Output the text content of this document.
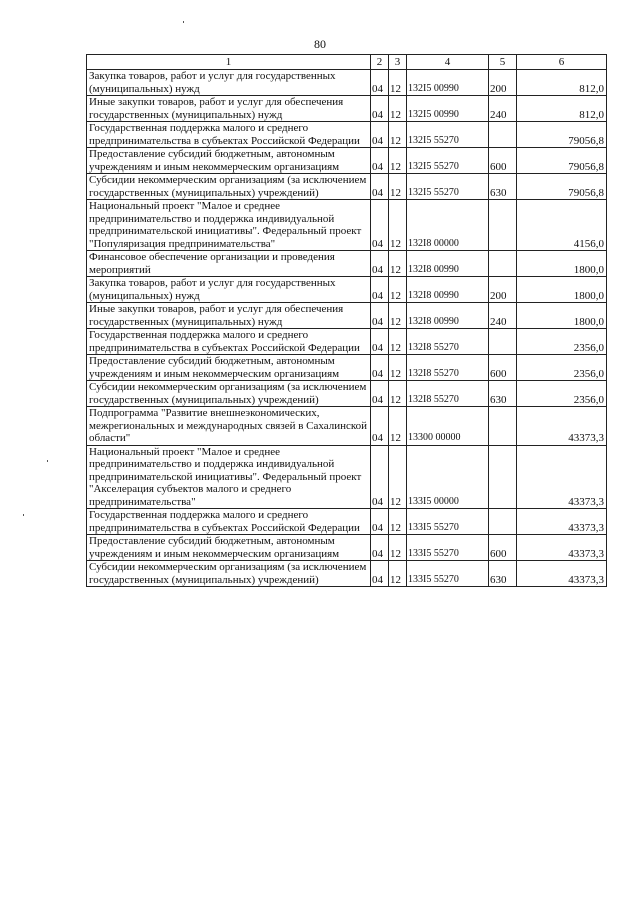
80
1	2	3	4	5	6
Закупка товаров, работ и услуг для государственных (муниципальных) нужд	04	12	132I5 00990	200	812,0
Иные закупки товаров, работ и услуг для обеспечения государственных (муниципальных) нужд	04	12	132I5 00990	240	812,0
Государственная поддержка малого и среднего предпринимательства в субъектах Российской Федерации	04	12	132I5 55270		79056,8
Предоставление субсидий бюджетным, автономным учреждениям и иным некоммерческим организациям	04	12	132I5 55270	600	79056,8
Субсидии некоммерческим организациям (за исключением государственных (муниципальных) учреждений)	04	12	132I5 55270	630	79056,8
Национальный проект "Малое и среднее предпринимательство и поддержка индивидуальной предпринимательской инициативы". Федеральный проект "Популяризация предпринимательства"	04	12	132I8 00000		4156,0
Финансовое обеспечение организации и проведения мероприятий	04	12	132I8 00990		1800,0
Закупка товаров, работ и услуг для государственных (муниципальных) нужд	04	12	132I8 00990	200	1800,0
Иные закупки товаров, работ и услуг для обеспечения государственных (муниципальных) нужд	04	12	132I8 00990	240	1800,0
Государственная поддержка малого и среднего предпринимательства в субъектах Российской Федерации	04	12	132I8 55270		2356,0
Предоставление субсидий бюджетным, автономным учреждениям и иным некоммерческим организациям	04	12	132I8 55270	600	2356,0
Субсидии некоммерческим организациям (за исключением государственных (муниципальных) учреждений)	04	12	132I8 55270	630	2356,0
Подпрограмма "Развитие внешнеэкономических, межрегиональных и международных связей в Сахалинской области"	04	12	13300 00000		43373,3
Национальный проект "Малое и среднее предпринимательство и поддержка индивидуальной предпринимательской инициативы". Федеральный проект "Акселерация субъектов малого и среднего предпринимательства"	04	12	133I5 00000		43373,3
Государственная поддержка малого и среднего предпринимательства в субъектах Российской Федерации	04	12	133I5 55270		43373,3
Предоставление субсидий бюджетным, автономным учреждениям и иным некоммерческим организациям	04	12	133I5 55270	600	43373,3
Субсидии некоммерческим организациям (за исключением государственных (муниципальных) учреждений)	04	12	133I5 55270	630	43373,3
